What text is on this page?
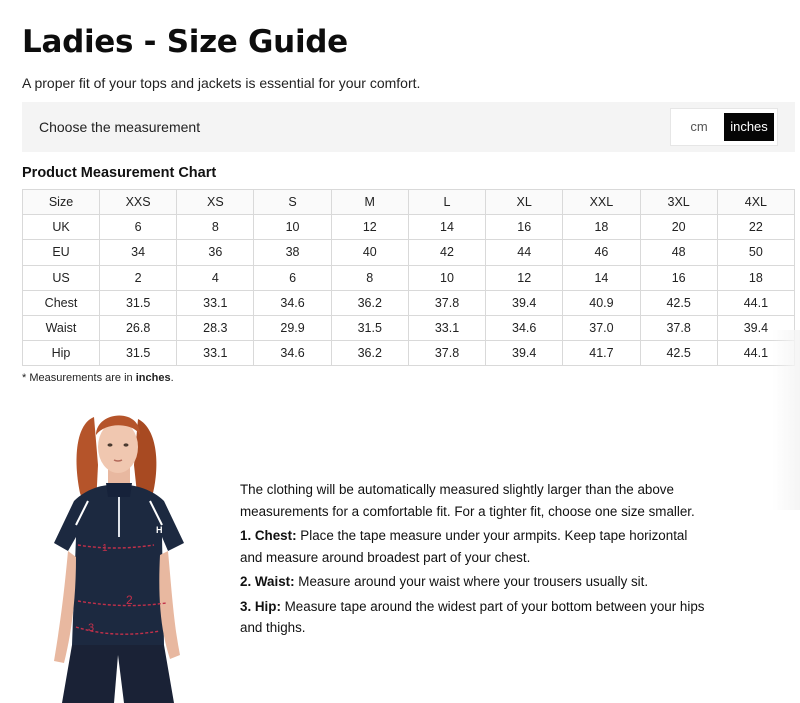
Ladies - Size Guide
A proper fit of your tops and jackets is essential for your comfort.
Choose the measurement	cm	inches
Product Measurement Chart
Size	XXS	XS	S	M	L	XL	XXL	3XL	4XL
UK	6	8	10	12	14	16	18	20	22
EU	34	36	38	40	42	44	46	48	50
US	2	4	6	8	10	12	14	16	18
Chest	31.5	33.1	34.6	36.2	37.8	39.4	40.9	42.5	44.1
Waist	26.8	28.3	29.9	31.5	33.1	34.6	37.0	37.8	39.4
Hip	31.5	33.1	34.6	36.2	37.8	39.4	41.7	42.5	44.1
* Measurements are in inches.
H
1
2
3

The clothing will be automatically measured slightly larger than the above measurements for a comfortable fit. For a tighter fit, choose one size smaller.

1. Chest: Place the tape measure under your armpits. Keep tape horizontal and measure around broadest part of your chest.

2. Waist: Measure around your waist where your trousers usually sit.

3. Hip: Measure tape around the widest part of your bottom between your hips and thighs.
